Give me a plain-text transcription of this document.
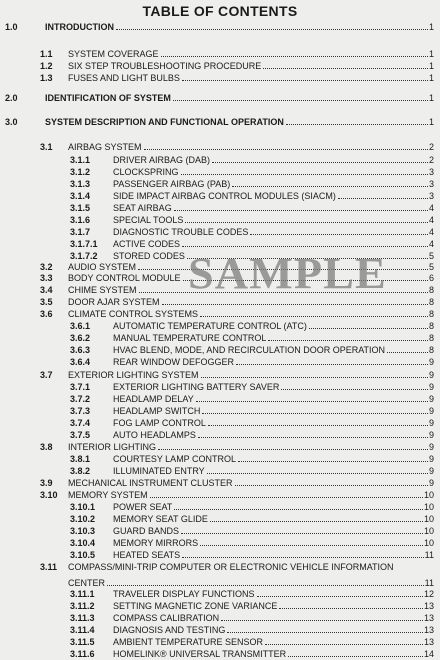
TABLE OF CONTENTS
1.0	INTRODUCTION	1
1.1	SYSTEM COVERAGE	1
1.2	SIX STEP TROUBLESHOOTING PROCEDURE	1
1.3	FUSES AND LIGHT BULBS	1
2.0	IDENTIFICATION OF SYSTEM	1
3.0	SYSTEM DESCRIPTION AND FUNCTIONAL OPERATION	1
3.1	AIRBAG SYSTEM	2
3.1.1	DRIVER AIRBAG (DAB)	2
3.1.2	CLOCKSPRING	3
3.1.3	PASSENGER AIRBAG (PAB)	3
3.1.4	SIDE IMPACT AIRBAG CONTROL MODULES (SIACM)	3
3.1.5	SEAT AIRBAG	4
3.1.6	SPECIAL TOOLS	4
3.1.7	DIAGNOSTIC TROUBLE CODES	4
3.1.7.1	ACTIVE CODES	4
3.1.7.2	STORED CODES	5
3.2	AUDIO SYSTEM	5
3.3	BODY CONTROL MODULE	6
3.4	CHIME SYSTEM	8
3.5	DOOR AJAR SYSTEM	8
3.6	CLIMATE CONTROL SYSTEMS	8
3.6.1	AUTOMATIC TEMPERATURE CONTROL (ATC)	8
3.6.2	MANUAL TEMPERATURE CONTROL	8
3.6.3	HVAC BLEND, MODE, AND RECIRCULATION DOOR OPERATION	8
3.6.4	REAR WINDOW DEFOGGER	9
3.7	EXTERIOR LIGHTING SYSTEM	9
3.7.1	EXTERIOR LIGHTING BATTERY SAVER	9
3.7.2	HEADLAMP DELAY	9
3.7.3	HEADLAMP SWITCH	9
3.7.4	FOG LAMP CONTROL	9
3.7.5	AUTO HEADLAMPS	9
3.8	INTERIOR LIGHTING	9
3.8.1	COURTESY LAMP CONTROL	9
3.8.2	ILLUMINATED ENTRY	9
3.9	MECHANICAL INSTRUMENT CLUSTER	9
3.10	MEMORY SYSTEM	10
3.10.1	POWER SEAT	10
3.10.2	MEMORY SEAT GLIDE	10
3.10.3	GUARD BANDS	10
3.10.4	MEMORY MIRRORS	10
3.10.5	HEATED SEATS	11
3.11	COMPASS/MINI-TRIP COMPUTER OR ELECTRONIC VEHICLE INFORMATION
CENTER	11
3.11.1	TRAVELER DISPLAY FUNCTIONS	12
3.11.2	SETTING MAGNETIC ZONE VARIANCE	13
3.11.3	COMPASS CALIBRATION	13
3.11.4	DIAGNOSIS AND TESTING	13
3.11.5	AMBIENT TEMPERATURE SENSOR	13
3.11.6	HOMELINK® UNIVERSAL TRANSMITTER	14
SAMPLE
